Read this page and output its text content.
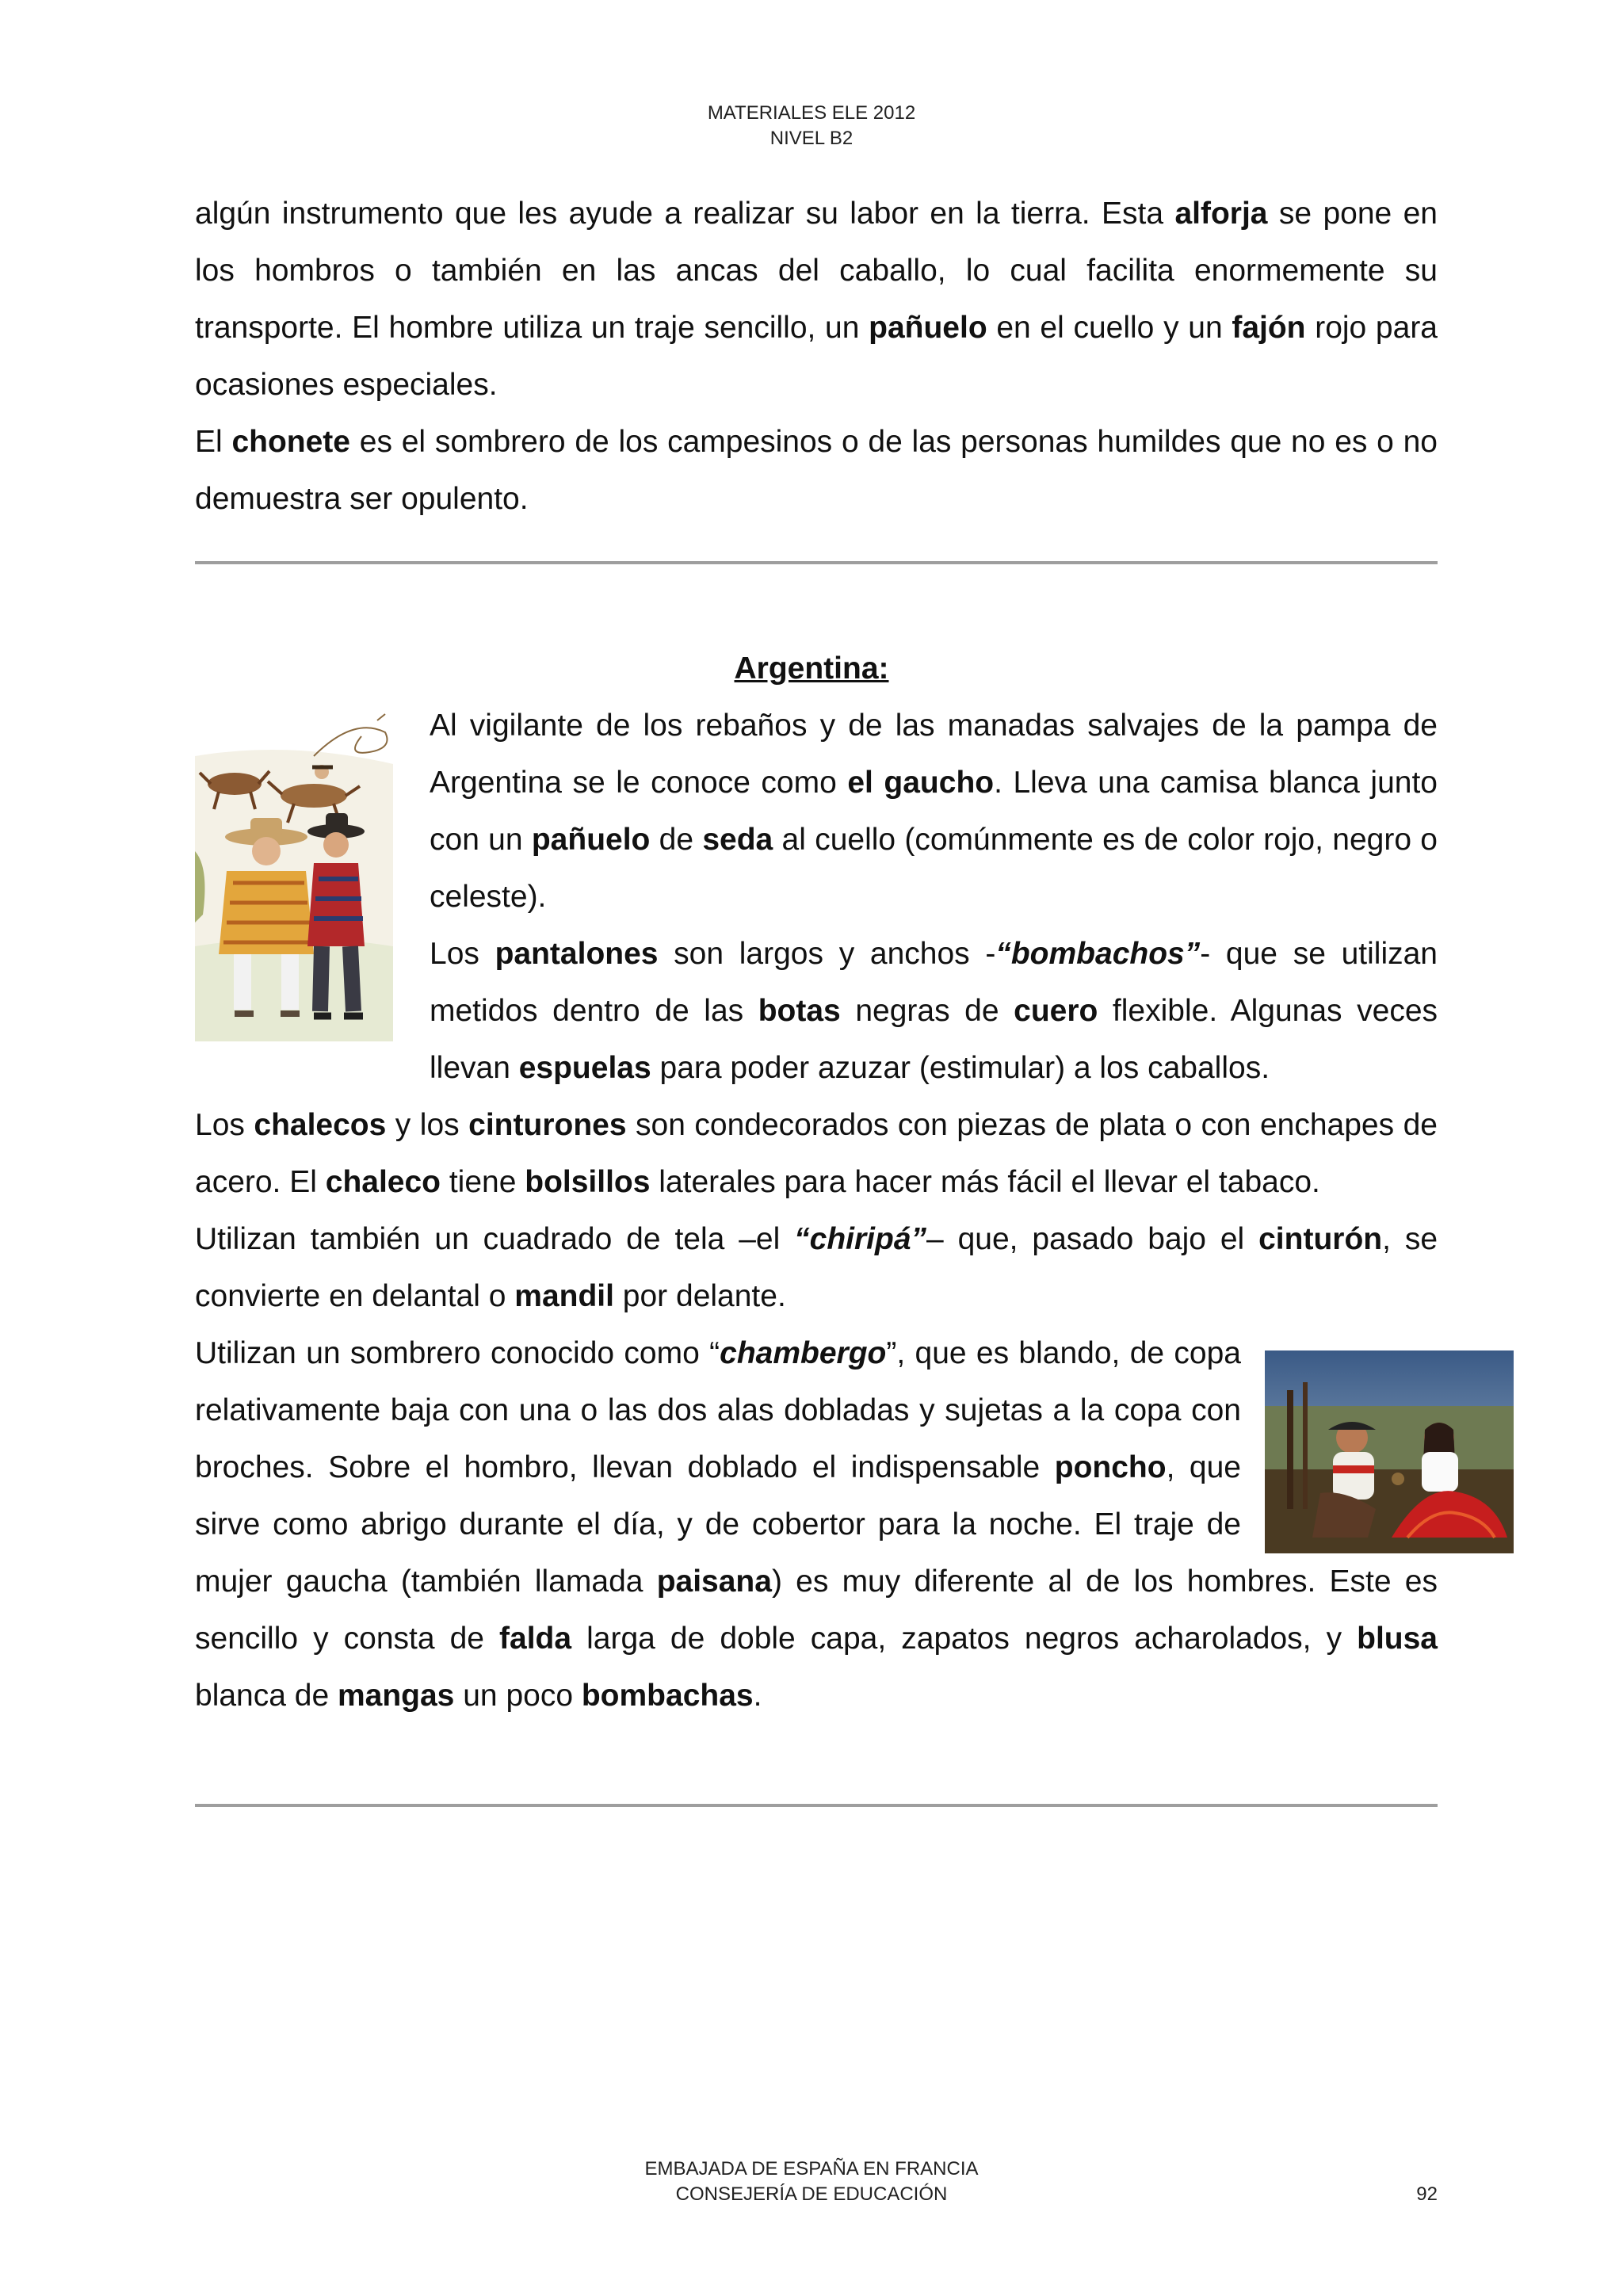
MATERIALES ELE 2012
NIVEL B2

algún instrumento que les ayude a realizar su labor en la tierra. Esta alforja se pone en los hombros o también en las ancas del caballo, lo cual facilita enormemente su transporte. El hombre utiliza un traje sencillo, un pañuelo en el cuello y un fajón rojo para ocasiones especiales.

El chonete es el sombrero de los campesinos o de las personas humildes que no es o no demuestra ser opulento.

Argentina:

Al vigilante de los rebaños y de las manadas salvajes de la pampa de Argentina se le conoce como el gaucho. Lleva una camisa blanca junto con un pañuelo de seda al cuello (comúnmente es de color rojo, negro o celeste).

Los pantalones son largos y anchos -“bombachos”- que se utilizan metidos dentro de las botas negras de cuero flexible. Algunas veces llevan espuelas para poder azuzar (estimular) a los caballos.

Los chalecos y los cinturones son condecorados con piezas de plata o con enchapes de acero. El chaleco tiene bolsillos laterales para hacer más fácil el llevar el tabaco.

Utilizan también un cuadrado de tela –el “chiripá”– que, pasado bajo el cinturón, se convierte en delantal o mandil por delante.

Utilizan un sombrero conocido como “chambergo”, que es blando, de copa relativamente baja con una o las dos alas dobladas y sujetas a la copa con broches. Sobre el hombro, llevan doblado el indispensable poncho, que sirve como abrigo durante el día, y de cobertor para la noche. El traje de mujer gaucha (también llamada paisana) es muy diferente al de los hombres. Este es sencillo y consta de falda larga de doble capa, zapatos negros acharolados, y blusa blanca de mangas un poco bombachas.

EMBAJADA DE ESPAÑA EN FRANCIA
CONSEJERÍA DE EDUCACIÓN	92
